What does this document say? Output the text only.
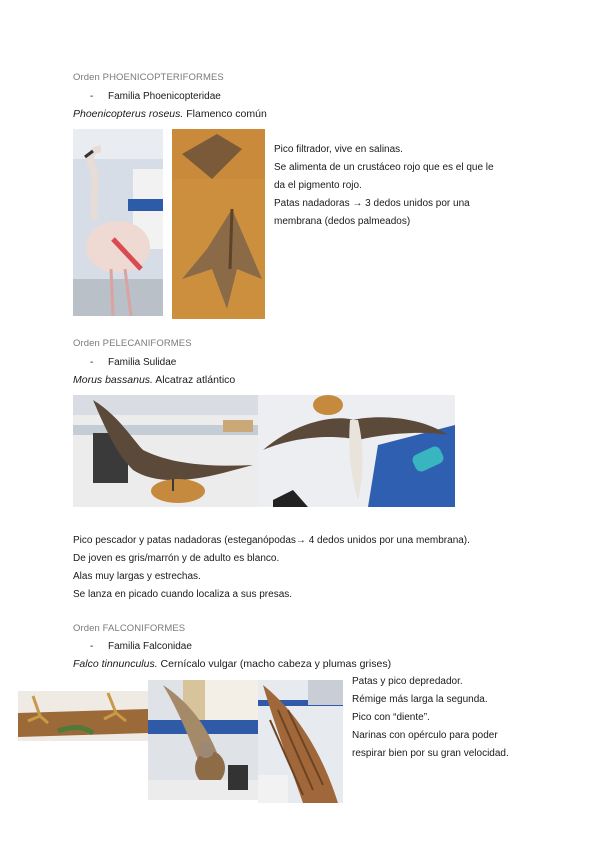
Orden PHOENICOPTERIFORMES
- Familia Phoenicopteridae
Phoenicopterus roseus. Flamenco común

Pico filtrador, vive en salinas.

Se alimenta de un crustáceo rojo que es el que le

da el pigmento rojo.

Patas nadadoras → 3 dedos unidos por una

membrana (dedos palmeados)

Orden PELECANIFORMES
- Familia Sulidae
Morus bassanus. Alcatraz atlántico

Pico pescador y patas nadadoras (esteganópodas→ 4 dedos unidos por una membrana).

De joven es gris/marrón y de adulto es blanco.

Alas muy largas y estrechas.

Se lanza en picado cuando localiza a sus presas.

Orden FALCONIFORMES
- Familia Falconidae
Falco tinnunculus. Cernícalo vulgar (macho cabeza y plumas grises)

Patas y pico depredador.

Rémige más larga la segunda.

Pico con “diente”.

Narinas con opérculo para poder

respirar bien por su gran velocidad.
